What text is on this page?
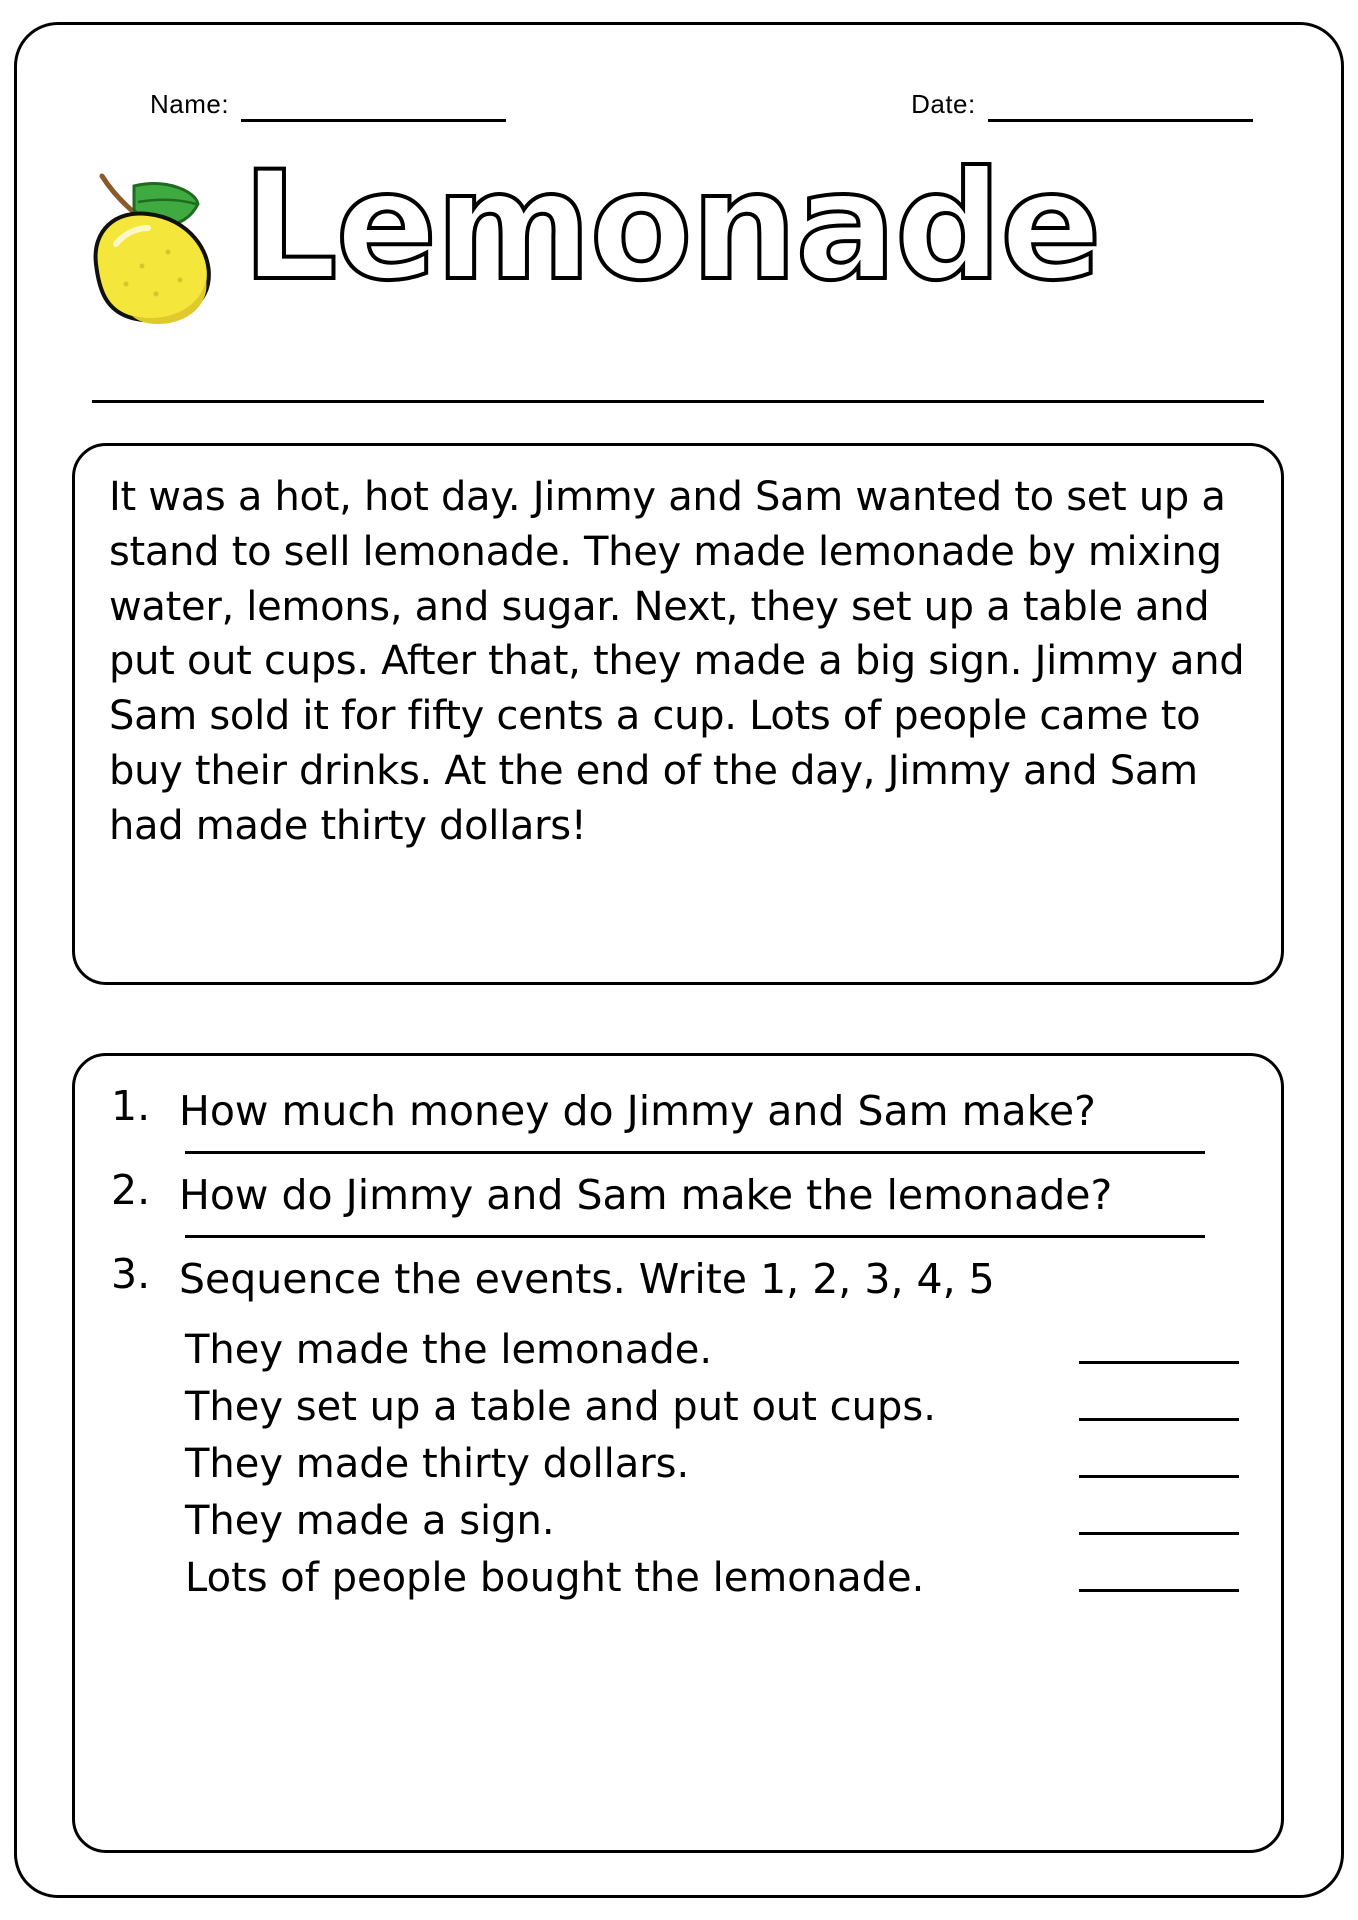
Name:	Date:
Lemonade
It was a hot, hot day. Jimmy and Sam wanted to set up a stand to sell lemonade. They made lemonade by mixing water, lemons, and sugar. Next, they set up a table and put out cups. After that, they made a big sign. Jimmy and Sam sold it for fifty cents a cup. Lots of people came to buy their drinks. At the end of the day, Jimmy and Sam had made thirty dollars!
1. How much money do Jimmy and Sam make?
2. How do Jimmy and Sam make the lemonade?
3. Sequence the events. Write 1, 2, 3, 4, 5
They made the lemonade.
They set up a table and put out cups.
They made thirty dollars.
They made a sign.
Lots of people bought the lemonade.
